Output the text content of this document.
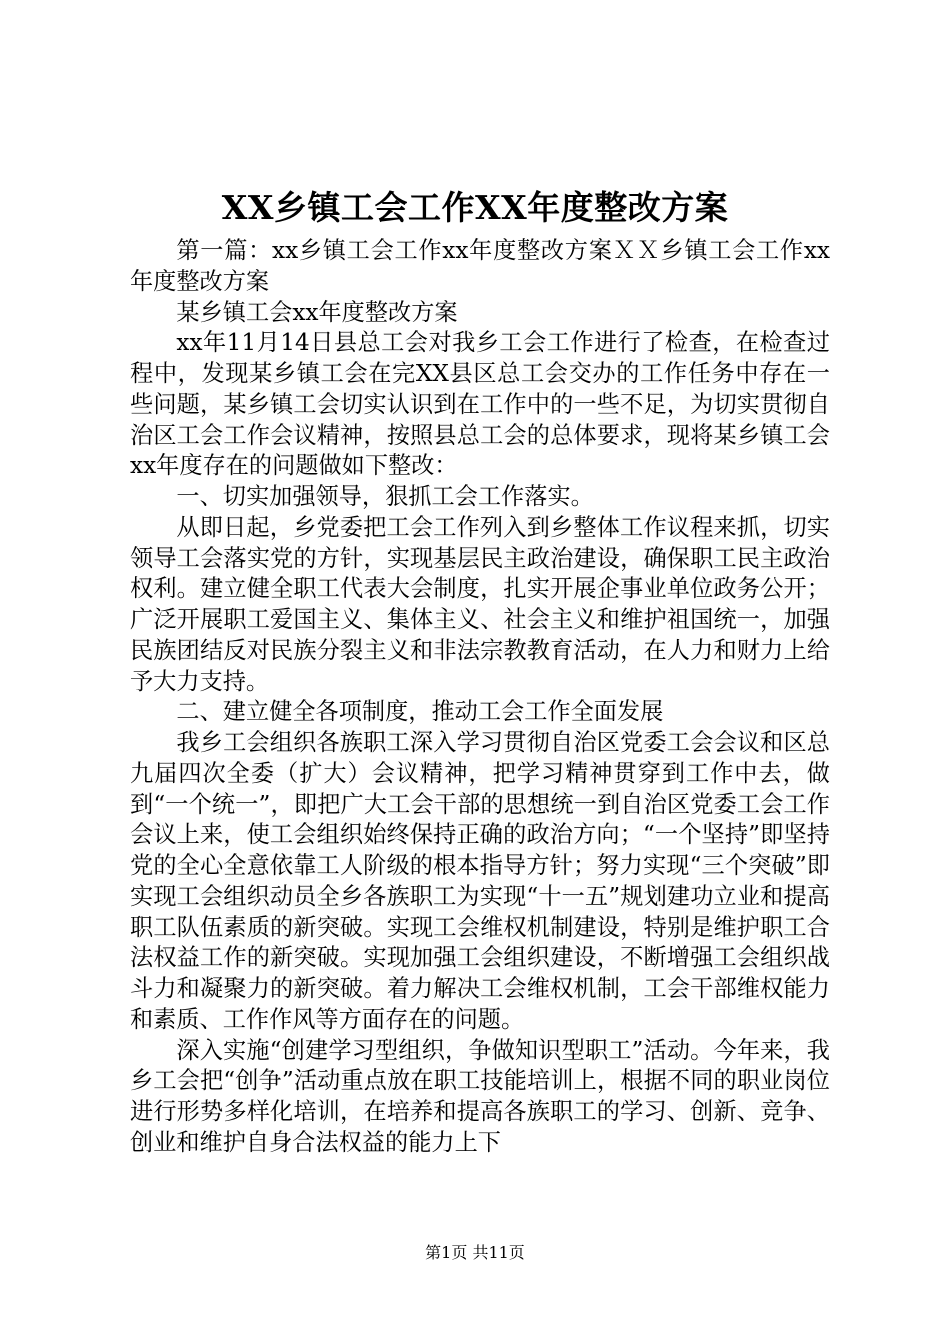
XX乡镇工会工作XX年度整改方案

第一篇：xx乡镇工会工作xx年度整改方案ＸＸ乡镇工会工作xx年度整改方案

某乡镇工会xx年度整改方案

xx年11月14日县总工会对我乡工会工作进行了检查，在检查过程中，发现某乡镇工会在完XX县区总工会交办的工作任务中存在一些问题，某乡镇工会切实认识到在工作中的一些不足，为切实贯彻自治区工会工作会议精神，按照县总工会的总体要求，现将某乡镇工会xx年度存在的问题做如下整改：

一、切实加强领导，狠抓工会工作落实。

从即日起，乡党委把工会工作列入到乡整体工作议程来抓，切实领导工会落实党的方针，实现基层民主政治建设，确保职工民主政治权利。建立健全职工代表大会制度，扎实开展企事业单位政务公开；广泛开展职工爱国主义、集体主义、社会主义和维护祖国统一，加强民族团结反对民族分裂主义和非法宗教教育活动，在人力和财力上给予大力支持。

二、建立健全各项制度，推动工会工作全面发展

我乡工会组织各族职工深入学习贯彻自治区党委工会会议和区总九届四次全委（扩大）会议精神，把学习精神贯穿到工作中去，做到“一个统一”，即把广大工会干部的思想统一到自治区党委工会工作会议上来，使工会组织始终保持正确的政治方向；“一个坚持”即坚持党的全心全意依靠工人阶级的根本指导方针；努力实现“三个突破”即实现工会组织动员全乡各族职工为实现“十一五”规划建功立业和提高职工队伍素质的新突破。实现工会维权机制建设，特别是维护职工合法权益工作的新突破。实现加强工会组织建设，不断增强工会组织战斗力和凝聚力的新突破。着力解决工会维权机制，工会干部维权能力和素质、工作作风等方面存在的问题。

深入实施“创建学习型组织，争做知识型职工”活动。今年来，我乡工会把“创争”活动重点放在职工技能培训上，根据不同的职业岗位进行形势多样化培训，在培养和提高各族职工的学习、创新、竞争、创业和维护自身合法权益的能力上下

第1页 共11页
